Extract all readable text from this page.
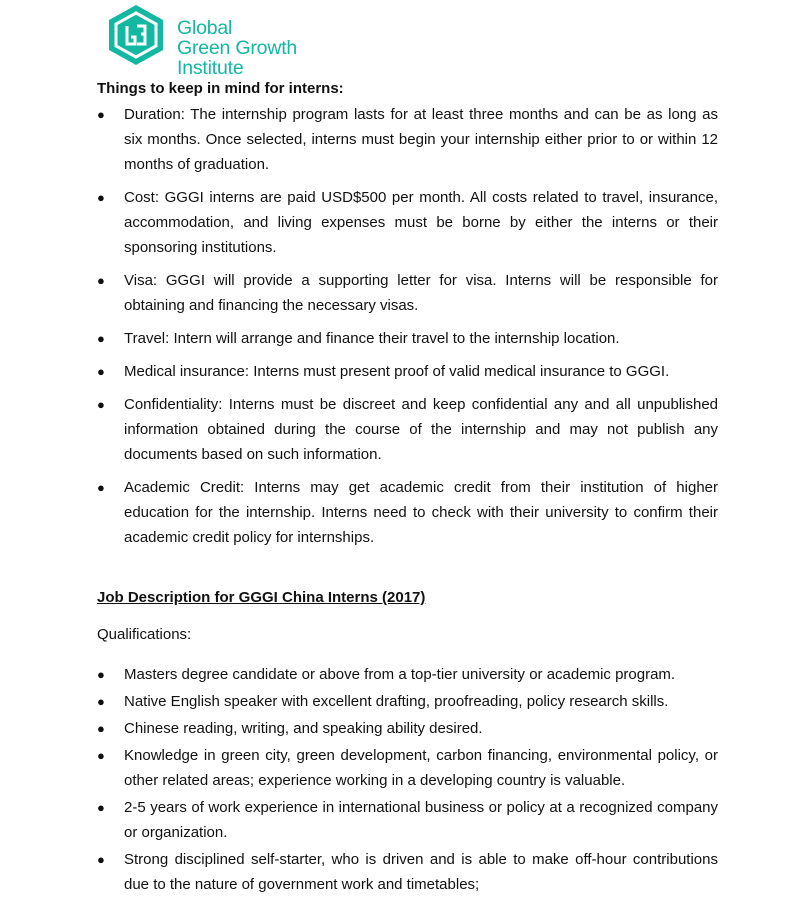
Global
Green Growth
Institute
Things to keep in mind for interns:
● Duration: The internship program lasts for at least three months and can be as long as six months. Once selected, interns must begin your internship either prior to or within 12 months of graduation.
● Cost: GGGI interns are paid USD$500 per month. All costs related to travel, insurance, accommodation, and living expenses must be borne by either the interns or their sponsoring institutions.
● Visa: GGGI will provide a supporting letter for visa. Interns will be responsible for obtaining and financing the necessary visas.
● Travel: Intern will arrange and finance their travel to the internship location.
● Medical insurance: Interns must present proof of valid medical insurance to GGGI.
● Confidentiality: Interns must be discreet and keep confidential any and all unpublished information obtained during the course of the internship and may not publish any documents based on such information.
● Academic Credit: Interns may get academic credit from their institution of higher education for the internship. Interns need to check with their university to confirm their academic credit policy for internships.
Job Description for GGGI China Interns (2017)
Qualifications:
● Masters degree candidate or above from a top-tier university or academic program.
● Native English speaker with excellent drafting, proofreading, policy research skills.
● Chinese reading, writing, and speaking ability desired.
● Knowledge in green city, green development, carbon financing, environmental policy, or other related areas; experience working in a developing country is valuable.
● 2-5 years of work experience in international business or policy at a recognized company or organization.
● Strong disciplined self-starter, who is driven and is able to make off-hour contributions due to the nature of government work and timetables;
